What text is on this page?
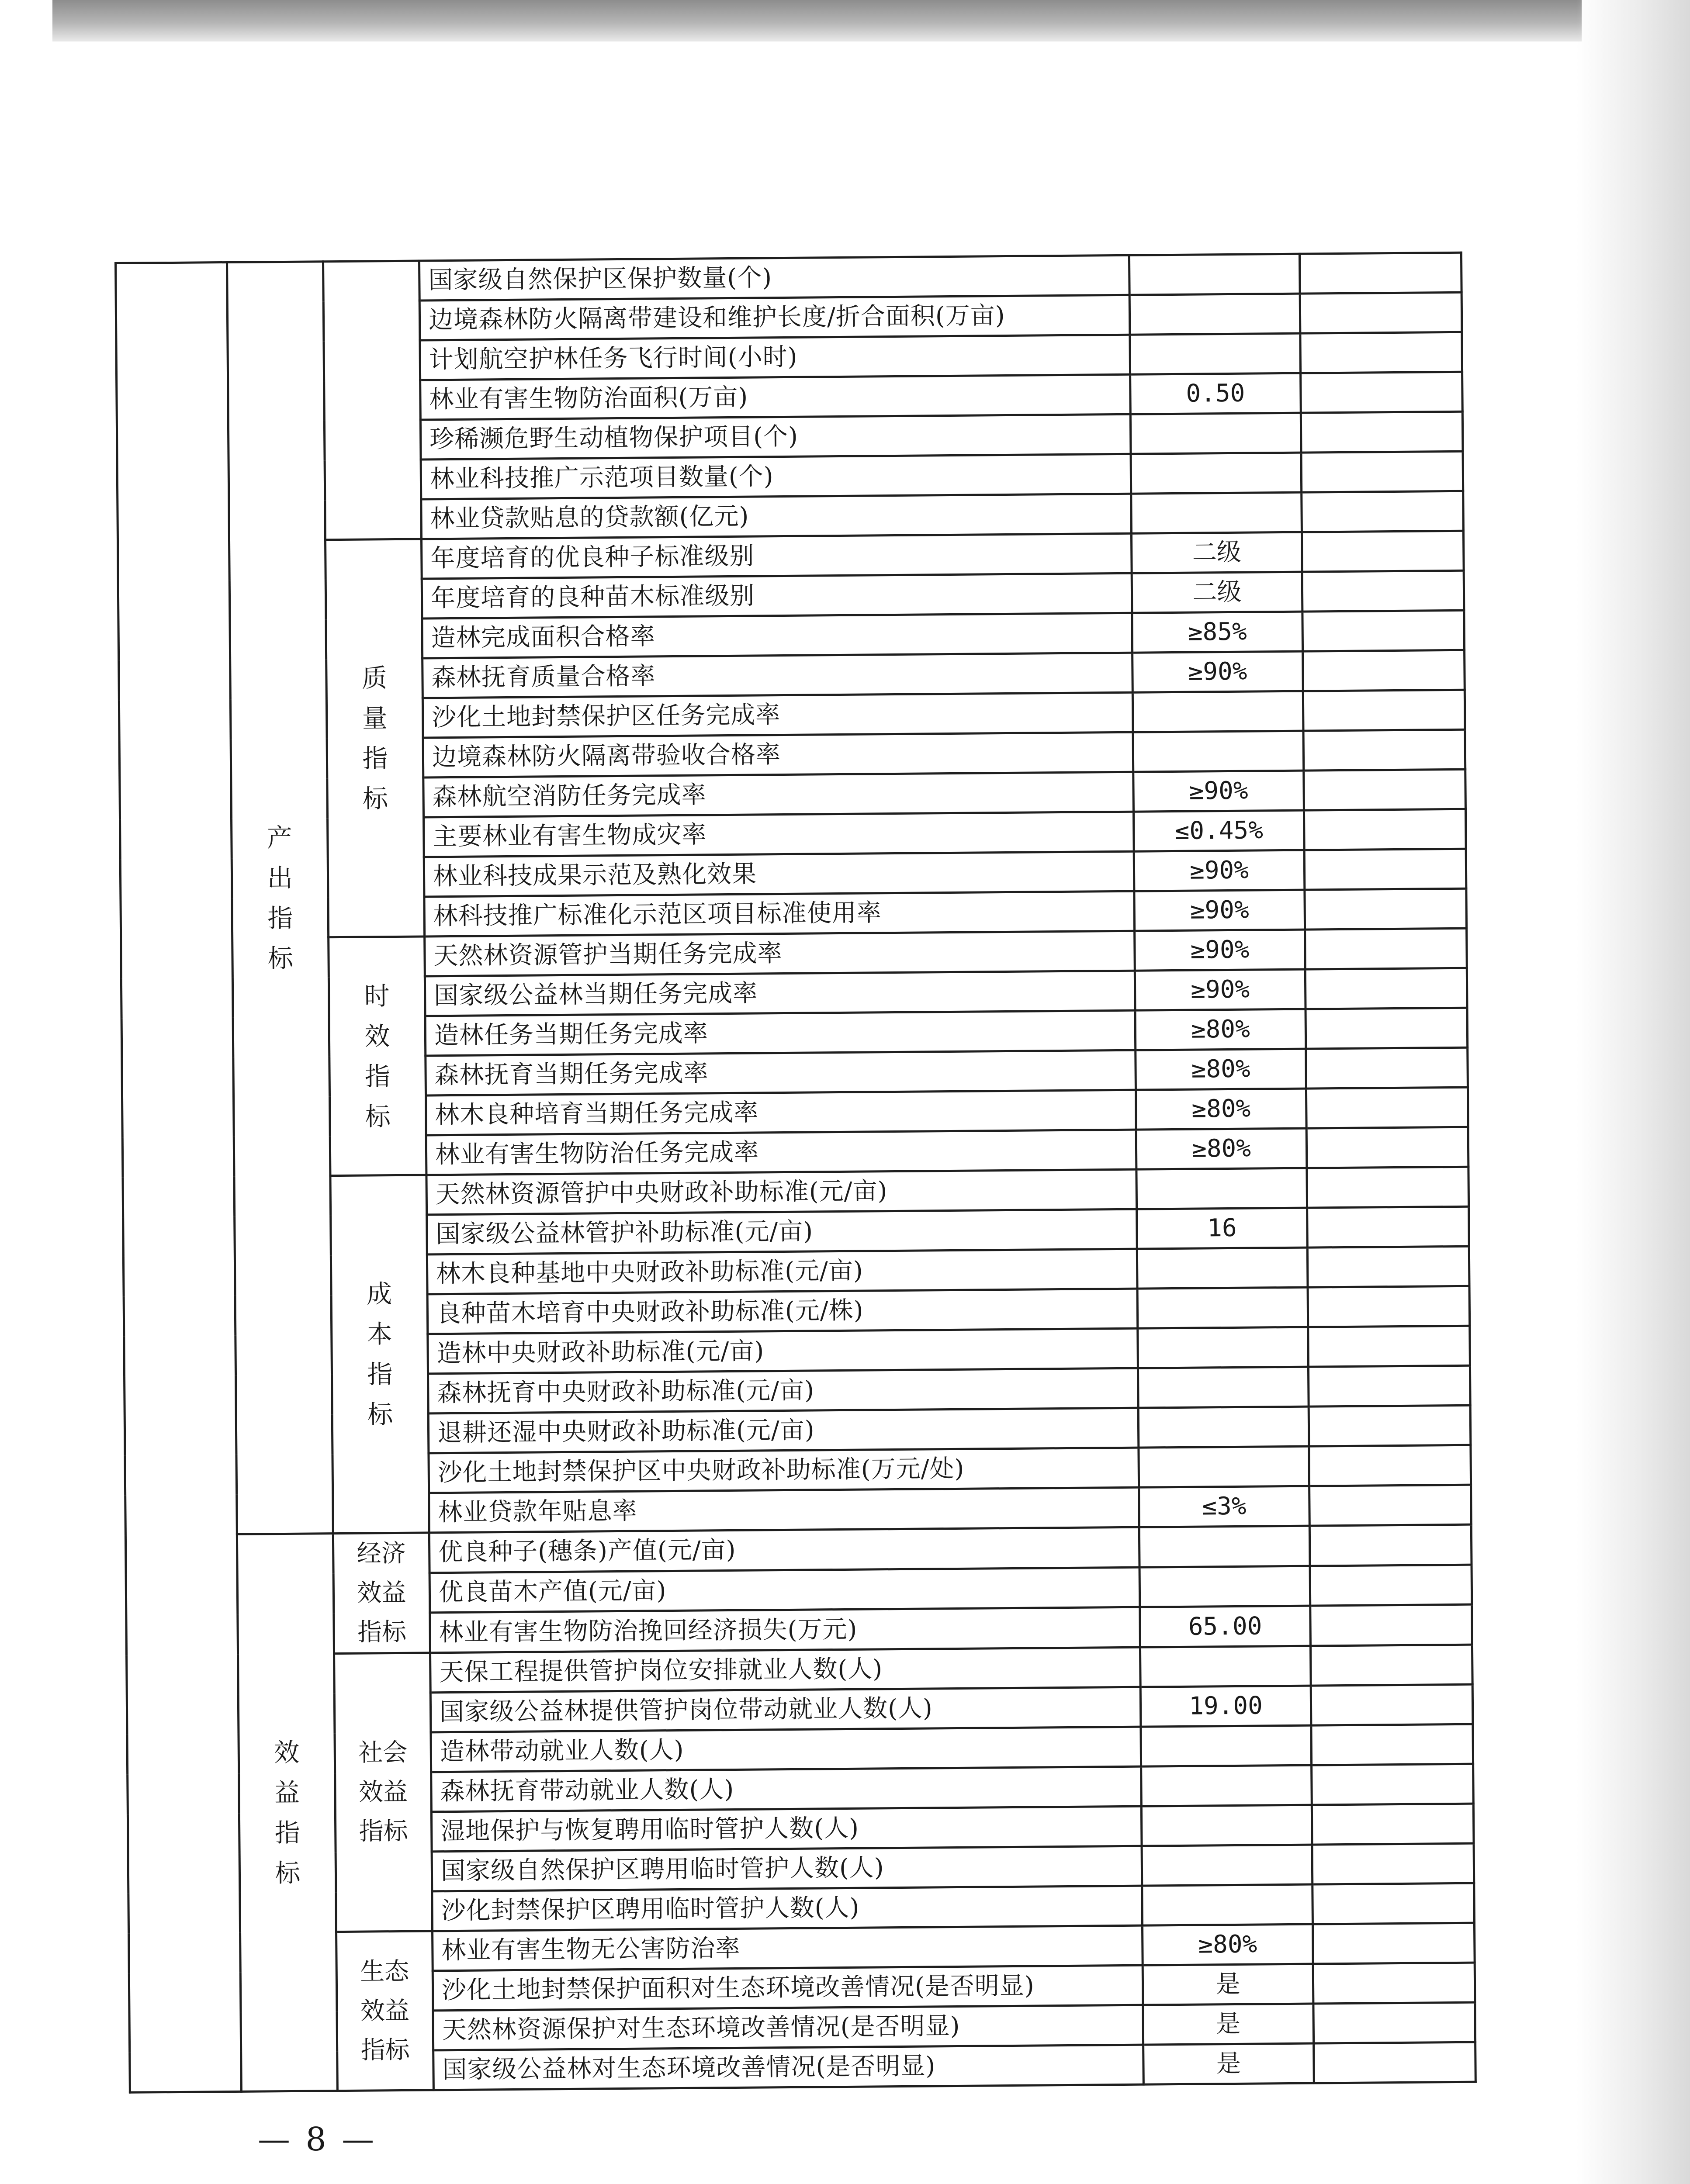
	产出指标		国家级自然保护区保护数量(个)		
			边境森林防火隔离带建设和维护长度/折合面积(万亩)		
			计划航空护林任务飞行时间(小时)		
			林业有害生物防治面积(万亩)	0.50	
			珍稀濒危野生动植物保护项目(个)		
			林业科技推广示范项目数量(个)		
			林业贷款贴息的贷款额(亿元)		
		质量指标	年度培育的优良种子标准级别	二级	
			年度培育的良种苗木标准级别	二级	
			造林完成面积合格率	≥85%	
			森林抚育质量合格率	≥90%	
			沙化土地封禁保护区任务完成率		
			边境森林防火隔离带验收合格率		
			森林航空消防任务完成率	≥90%	
			主要林业有害生物成灾率	≤0.45%	
			林业科技成果示范及熟化效果	≥90%	
			林科技推广标准化示范区项目标准使用率	≥90%	
		时效指标	天然林资源管护当期任务完成率	≥90%	
			国家级公益林当期任务完成率	≥90%	
			造林任务当期任务完成率	≥80%	
			森林抚育当期任务完成率	≥80%	
			林木良种培育当期任务完成率	≥80%	
			林业有害生物防治任务完成率	≥80%	
		成本指标	天然林资源管护中央财政补助标准(元/亩)		
			国家级公益林管护补助标准(元/亩)	16	
			林木良种基地中央财政补助标准(元/亩)		
			良种苗木培育中央财政补助标准(元/株)		
			造林中央财政补助标准(元/亩)		
			森林抚育中央财政补助标准(元/亩)		
			退耕还湿中央财政补助标准(元/亩)		
			沙化土地封禁保护区中央财政补助标准(万元/处)		
			林业贷款年贴息率	≤3%	
	效益指标	经济效益指标	优良种子(穗条)产值(元/亩)		
			优良苗木产值(元/亩)		
			林业有害生物防治挽回经济损失(万元)	65.00	
		社会效益指标	天保工程提供管护岗位安排就业人数(人)		
			国家级公益林提供管护岗位带动就业人数(人)	19.00	
			造林带动就业人数(人)		
			森林抚育带动就业人数(人)		
			湿地保护与恢复聘用临时管护人数(人)		
			国家级自然保护区聘用临时管护人数(人)		
			沙化封禁保护区聘用临时管护人数(人)		
		生态效益指标	林业有害生物无公害防治率	≥80%	
			沙化土地封禁保护面积对生态环境改善情况(是否明显)	是	
			天然林资源保护对生态环境改善情况(是否明显)	是	
			国家级公益林对生态环境改善情况(是否明显)	是	
— 8 —
